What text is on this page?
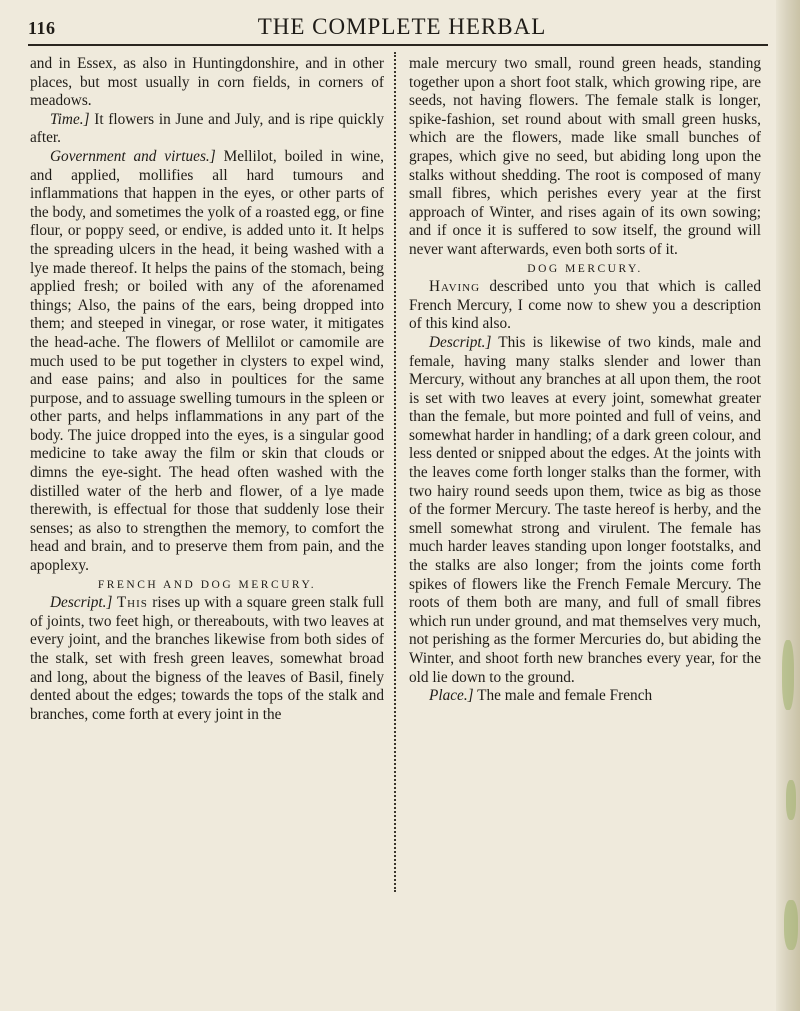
116	THE COMPLETE HERBAL

and in Essex, as also in Huntingdonshire, and in other places, but most usually in corn fields, in corners of meadows.

Time.] It flowers in June and July, and is ripe quickly after.

Government and virtues.] Mellilot, boiled in wine, and applied, mollifies all hard tumours and inflammations that happen in the eyes, or other parts of the body, and sometimes the yolk of a roasted egg, or fine flour, or poppy seed, or endive, is added unto it. It helps the spreading ulcers in the head, it being washed with a lye made thereof. It helps the pains of the stomach, being applied fresh; or boiled with any of the aforenamed things; Also, the pains of the ears, being dropped into them; and steeped in vinegar, or rose water, it mitigates the head-ache. The flowers of Mellilot or camomile are much used to be put together in clysters to expel wind, and ease pains; and also in poultices for the same purpose, and to assuage swelling tumours in the spleen or other parts, and helps inflammations in any part of the body. The juice dropped into the eyes, is a singular good medicine to take away the film or skin that clouds or dimns the eye-sight. The head often washed with the distilled water of the herb and flower, of a lye made therewith, is effectual for those that suddenly lose their senses; as also to strengthen the memory, to comfort the head and brain, and to preserve them from pain, and the apoplexy.

FRENCH AND DOG MERCURY.

Descript.] This rises up with a square green stalk full of joints, two feet high, or thereabouts, with two leaves at every joint, and the branches likewise from both sides of the stalk, set with fresh green leaves, somewhat broad and long, about the bigness of the leaves of Basil, finely dented about the edges; towards the tops of the stalk and branches, come forth at every joint in the

male mercury two small, round green heads, standing together upon a short foot stalk, which growing ripe, are seeds, not having flowers. The female stalk is longer, spike-fashion, set round about with small green husks, which are the flowers, made like small bunches of grapes, which give no seed, but abiding long upon the stalks without shedding. The root is composed of many small fibres, which perishes every year at the first approach of Winter, and rises again of its own sowing; and if once it is suffered to sow itself, the ground will never want afterwards, even both sorts of it.

DOG MERCURY.

Having described unto you that which is called French Mercury, I come now to shew you a description of this kind also.

Descript.] This is likewise of two kinds, male and female, having many stalks slender and lower than Mercury, without any branches at all upon them, the root is set with two leaves at every joint, somewhat greater than the female, but more pointed and full of veins, and somewhat harder in handling; of a dark green colour, and less dented or snipped about the edges. At the joints with the leaves come forth longer stalks than the former, with two hairy round seeds upon them, twice as big as those of the former Mercury. The taste hereof is herby, and the smell somewhat strong and virulent. The female has much harder leaves standing upon longer footstalks, and the stalks are also longer; from the joints come forth spikes of flowers like the French Female Mercury. The roots of them both are many, and full of small fibres which run under ground, and mat themselves very much, not perishing as the former Mercuries do, but abiding the Winter, and shoot forth new branches every year, for the old lie down to the ground.

Place.] The male and female French
